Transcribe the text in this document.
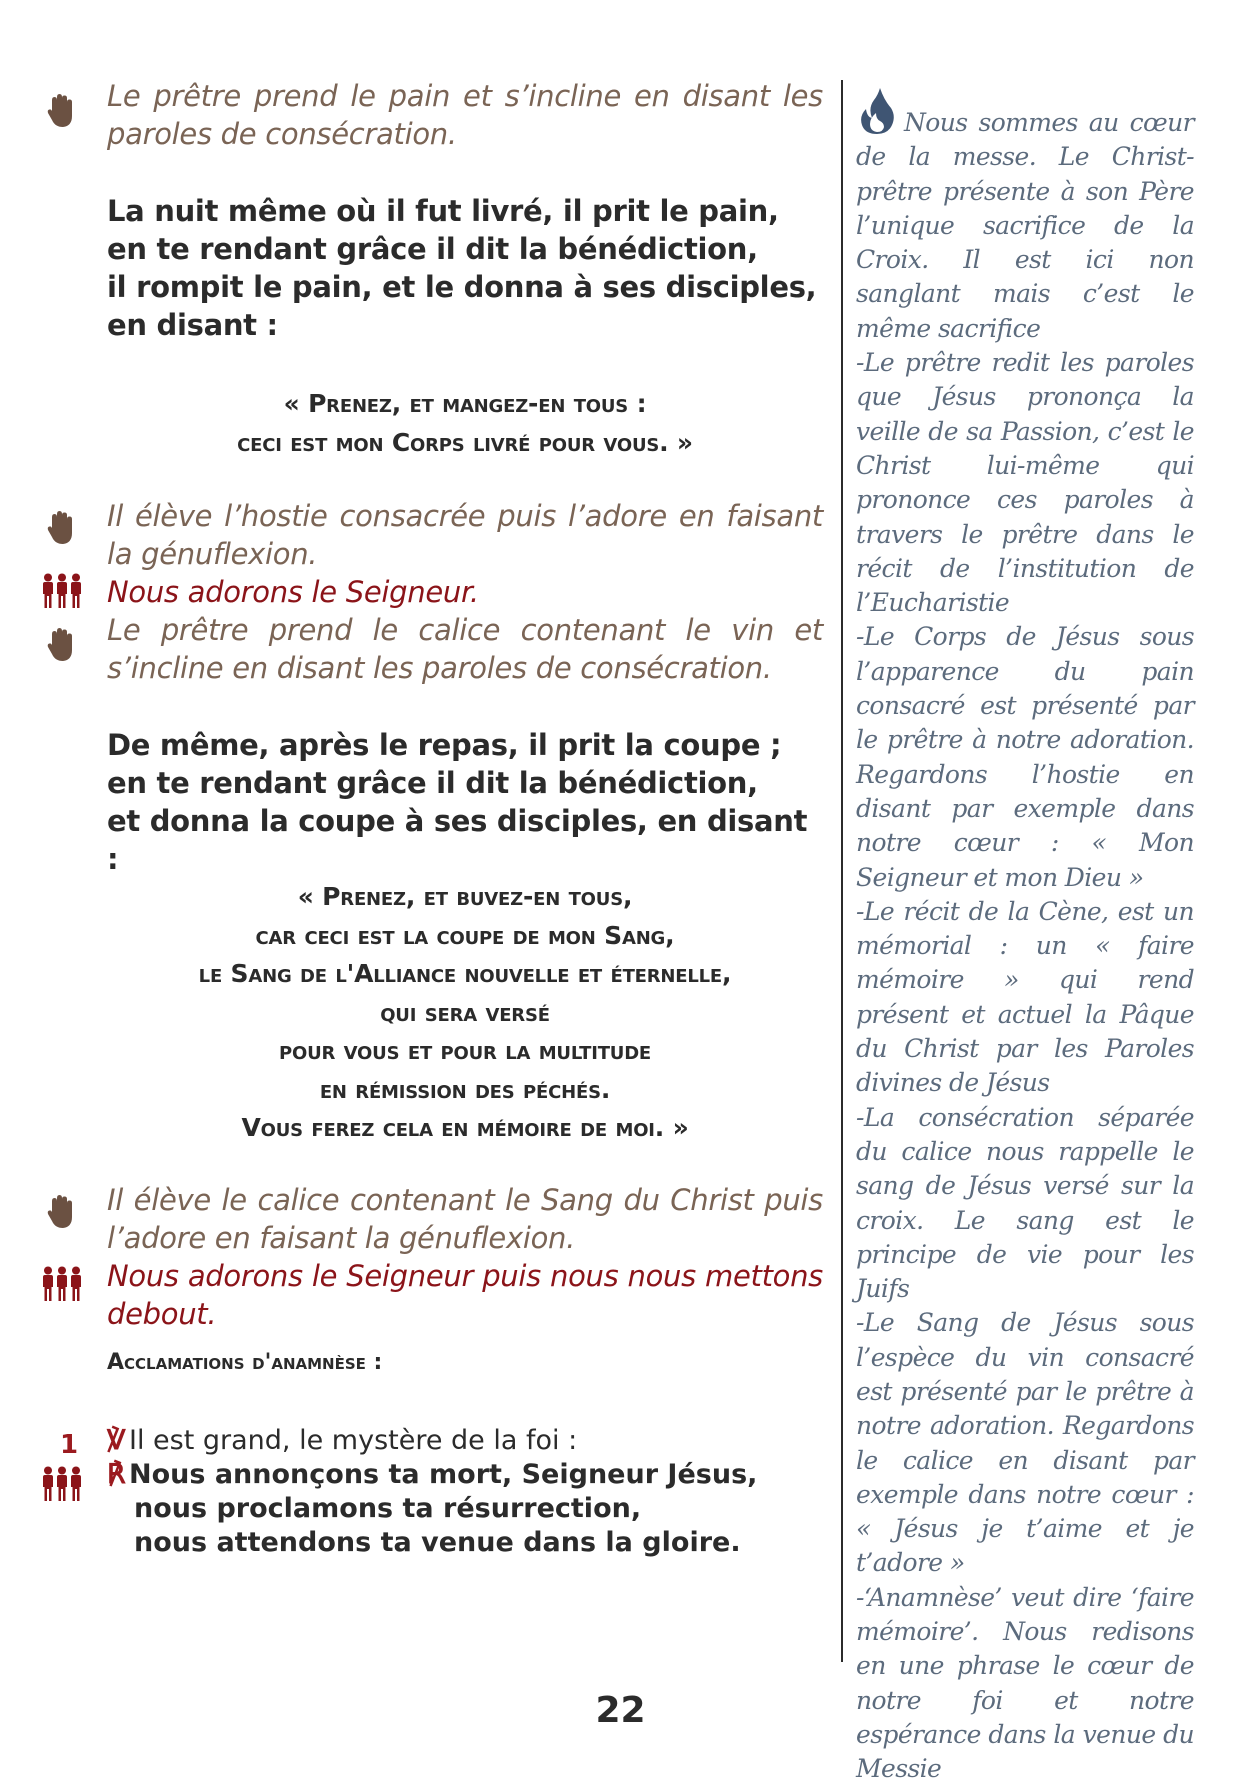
Le prêtre prend le pain et s’incline en disant les paroles de consécration.
La nuit même où il fut livré, il prit le pain,
en te rendant grâce il dit la bénédiction,
il rompit le pain, et le donna à ses disciples,
en disant :
« Prenez, et mangez-en tous :
ceci est mon Corps livré pour vous. »
Il élève l’hostie consacrée puis l’adore en faisant la génuflexion.
Nous adorons le Seigneur.
Le prêtre prend le calice contenant le vin et s’incline en disant les paroles de consécration.
De même, après le repas, il prit la coupe ;
en te rendant grâce il dit la bénédiction,
et donna la coupe à ses disciples, en disant :
« Prenez, et buvez-en tous,
car ceci est la coupe de mon Sang,
le Sang de l'Alliance nouvelle et éternelle,
qui sera versé
pour vous et pour la multitude
en rémission des péchés.
Vous ferez cela en mémoire de moi. »
Il élève le calice contenant le Sang du Christ puis l’adore en faisant la génuflexion.
Nous adorons le Seigneur puis nous nous mettons debout.
Acclamations d'anamnèse :
1 ℣ Il est grand, le mystère de la foi :
℟ Nous annonçons ta mort, Seigneur Jésus,
nous proclamons ta résurrection,
nous attendons ta venue dans la gloire.

Nous sommes au cœur de la messe. Le Christ-prêtre présente à son Père l’unique sacrifice de la Croix. Il est ici non sanglant mais c’est le même sacrifice

-Le prêtre redit les paroles que Jésus prononça la veille de sa Passion, c’est le Christ lui-même qui prononce ces paroles à travers le prêtre dans le récit de l’institution de l’Eucharistie

-Le Corps de Jésus sous l’apparence du pain consacré est présenté par le prêtre à notre adoration. Regardons l’hostie en disant par exemple dans notre cœur : « Mon Seigneur et mon Dieu »

-Le récit de la Cène, est un mémorial : un « faire mémoire » qui rend présent et actuel la Pâque du Christ par les Paroles divines de Jésus

-La consécration séparée du calice nous rappelle le sang de Jésus versé sur la croix. Le sang est le principe de vie pour les Juifs

-Le Sang de Jésus sous l’espèce du vin consacré est présenté par le prêtre à notre adoration. Regardons le calice en disant par exemple dans notre cœur : « Jésus je t’aime et je t’adore »

-‘Anamnèse’ veut dire ‘faire mémoire’. Nous redisons en une phrase le cœur de notre foi et notre espérance dans la venue du Messie

22
